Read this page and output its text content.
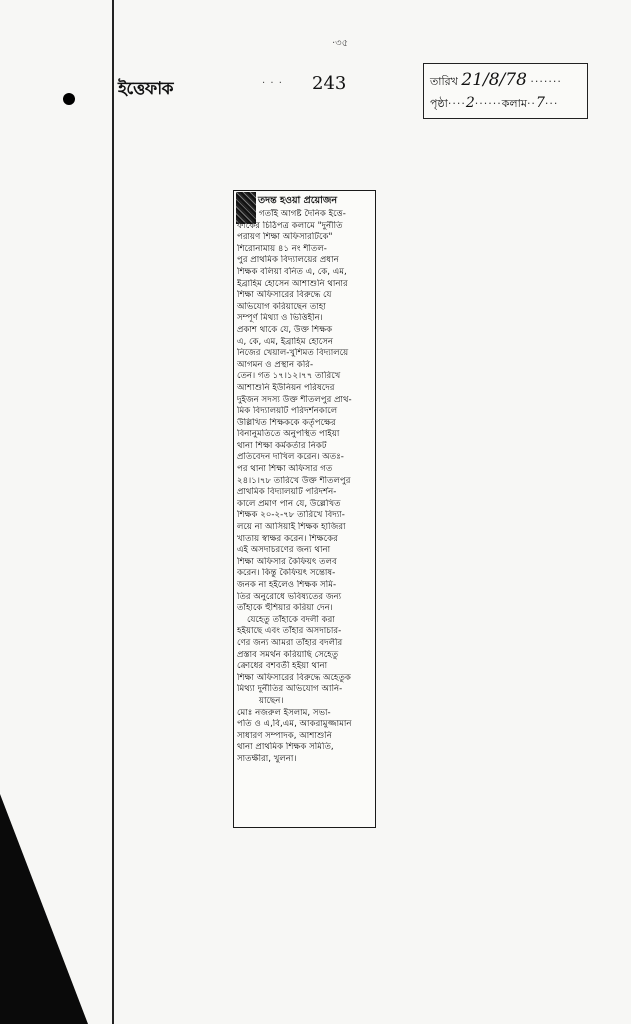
·৩৫
ইত্তেফাক	· · · 243	তারিখ 21/8/78 ·······
পৃষ্ঠা····2······কলাম··7···
তদন্ত হওয়া প্রয়োজন
গতাঁই আগষ্ট দৈনিক ইত্তে-
ফাকের চিঠিপত্র কলামে "দুর্নীতি
পরায়ণ শিক্ষা অফিসারটিকে"
শিরোনামায় ৪১ নং শীতল-
পুর প্রাথমিক বিদ্যালয়ের প্রধান
শিক্ষক বলিয়া বনিত এ, কে, এম,
ইব্রাহিম হোসেন আশাশুনি থানার
শিক্ষা অফিসারের বিরুদ্ধে যে
অভিযোগ করিয়াছেন তাহা
সম্পূর্ণ মিথ্যা ও ভিত্তিহীন।
প্রকাশ থাকে যে, উক্ত শিক্ষক
এ, কে, এম, ইব্রাহিম হোসেন
নিজের খেয়াল-খুশিমত বিদ্যালয়ে
আগমন ও প্রস্থান করি-
তেন। গত ১৭।১২।৭৭ তারিখে
আশাশুনি ইউনিয়ন পরিষদের
দুইজন সদস্য উক্ত শীতলপুর প্রাথ-
মিক বিদ্যালয়টি পরিদর্শনকালে
উল্লিখিত শিক্ষককে কর্তৃপক্ষের
বিনানুমতিতে অনুপস্থিত পাইয়া
থানা শিক্ষা কর্মকর্তার নিকট
প্রতিবেদন দাখিল করেন। অতঃ-
পর থানা শিক্ষা অফিসার গত
২৪।১।৭৮ তারিখে উক্ত শীতলপুর
প্রাথমিক বিদ্যালয়টি পরিদর্শন-
কালে প্রমাণ পান যে, উল্লেখিত
শিক্ষক ২০-২-৭৮ তারিখে বিদ্যা-
লয়ে না আসিয়াই শিক্ষক হাজিরা
খাতায় স্বাক্ষর করেন। শিক্ষকের
এই অসদাচরণের জন্য থানা
শিক্ষা অফিসার কৈফিয়ৎ তলব
করেন। কিন্তু কৈফিয়ৎ সন্তোষ-
জনক না হইলেও শিক্ষক সমি-
তির অনুরোধে ভবিষ্যতের জন্য
তাঁহাকে হুঁশিয়ার করিয়া দেন।
যেহেতু তাঁহাকে বদলী করা
হইয়াছে এবং তাঁহার অসদাচার-
ণের জন্য আমরা তাঁহার বদলীর
প্রস্তাব সমর্থন করিয়াছি সেহেতু
ক্রোধের বশবর্তী হইয়া থানা
শিক্ষা অফিসারের বিরুদ্ধে অহেতুক
মিথ্যা দুর্নীতির অভিযোগ আনি-
য়াছেন।
মোঃ নজরুল ইসলাম, সভা-
পতি ও এ,বি,এম, আকরামুজ্জামান
সাধারণ সম্পাদক, আশাশুনি
থানা প্রাথমিক শিক্ষক সমিতি,
সাতক্ষীরা, খুলনা।
